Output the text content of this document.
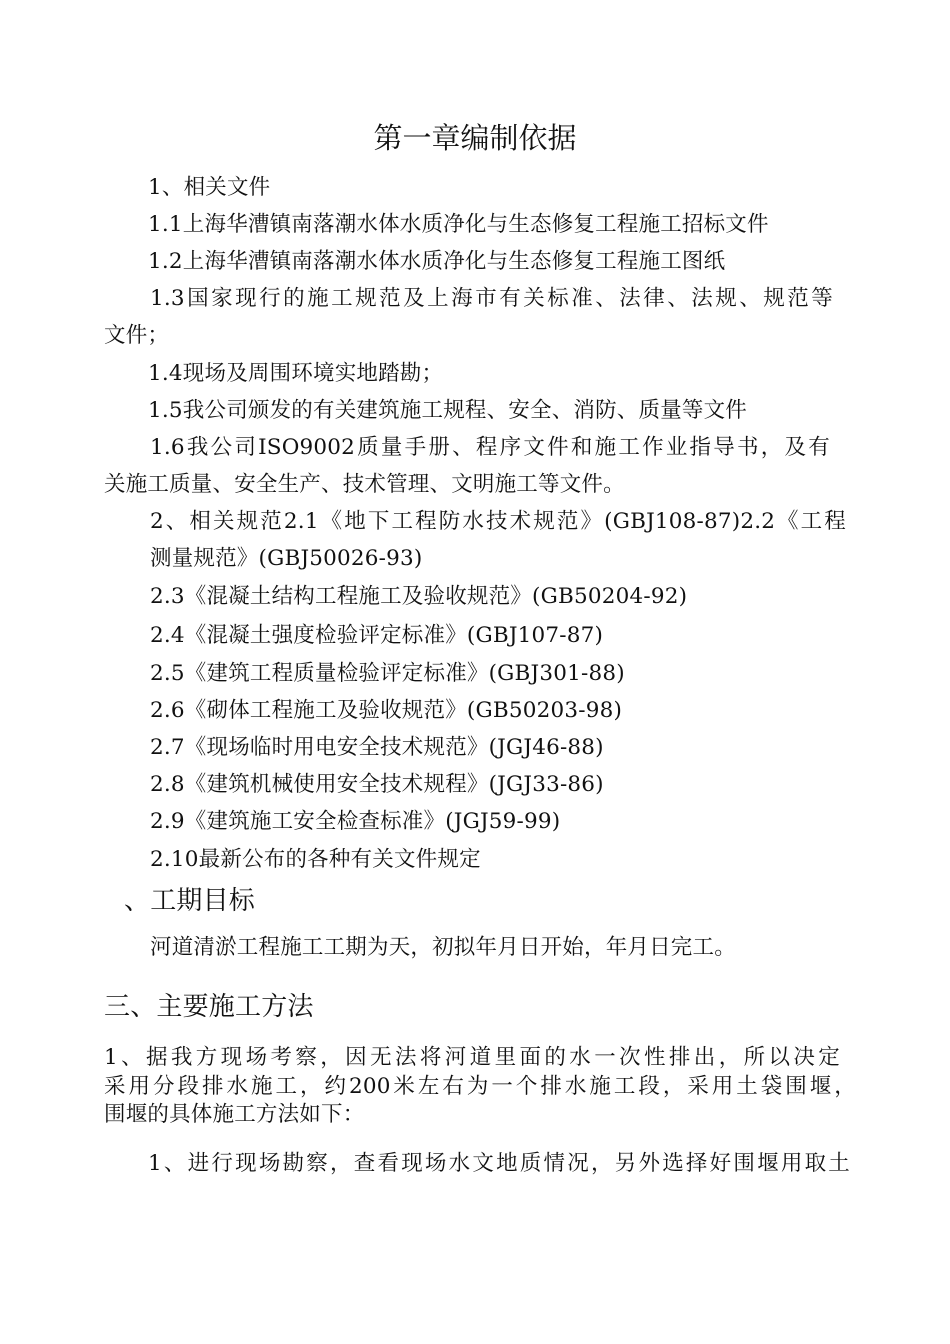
第一章编制依据
1、相关文件
1.1上海华漕镇南落潮水体水质净化与生态修复工程施工招标文件
1.2上海华漕镇南落潮水体水质净化与生态修复工程施工图纸
1.3国家现行的施工规范及上海市有关标准、法律、法规、规范等
文件；
1.4现场及周围环境实地踏勘；
1.5我公司颁发的有关建筑施工规程、安全、消防、质量等文件
1.6我公司ISO9002质量手册、程序文件和施工作业指导书，及有
关施工质量、安全生产、技术管理、文明施工等文件。
2、相关规范2.1《地下工程防水技术规范》(GBJ108-87)2.2《工程
测量规范》(GBJ50026-93)
2.3《混凝土结构工程施工及验收规范》(GB50204-92)
2.4《混凝土强度检验评定标准》(GBJ107-87)
2.5《建筑工程质量检验评定标准》(GBJ301-88)
2.6《砌体工程施工及验收规范》(GB50203-98)
2.7《现场临时用电安全技术规范》(JGJ46-88)
2.8《建筑机械使用安全技术规程》(JGJ33-86)
2.9《建筑施工安全检查标准》(JGJ59-99)
2.10最新公布的各种有关文件规定
、工期目标
河道清淤工程施工工期为天，初拟年月日开始，年月日完工。
三、主要施工方法
1、据我方现场考察，因无法将河道里面的水一次性排出，所以决定
采用分段排水施工，约200米左右为一个排水施工段，采用土袋围堰，
围堰的具体施工方法如下：
1、进行现场勘察，查看现场水文地质情况，另外选择好围堰用取土
